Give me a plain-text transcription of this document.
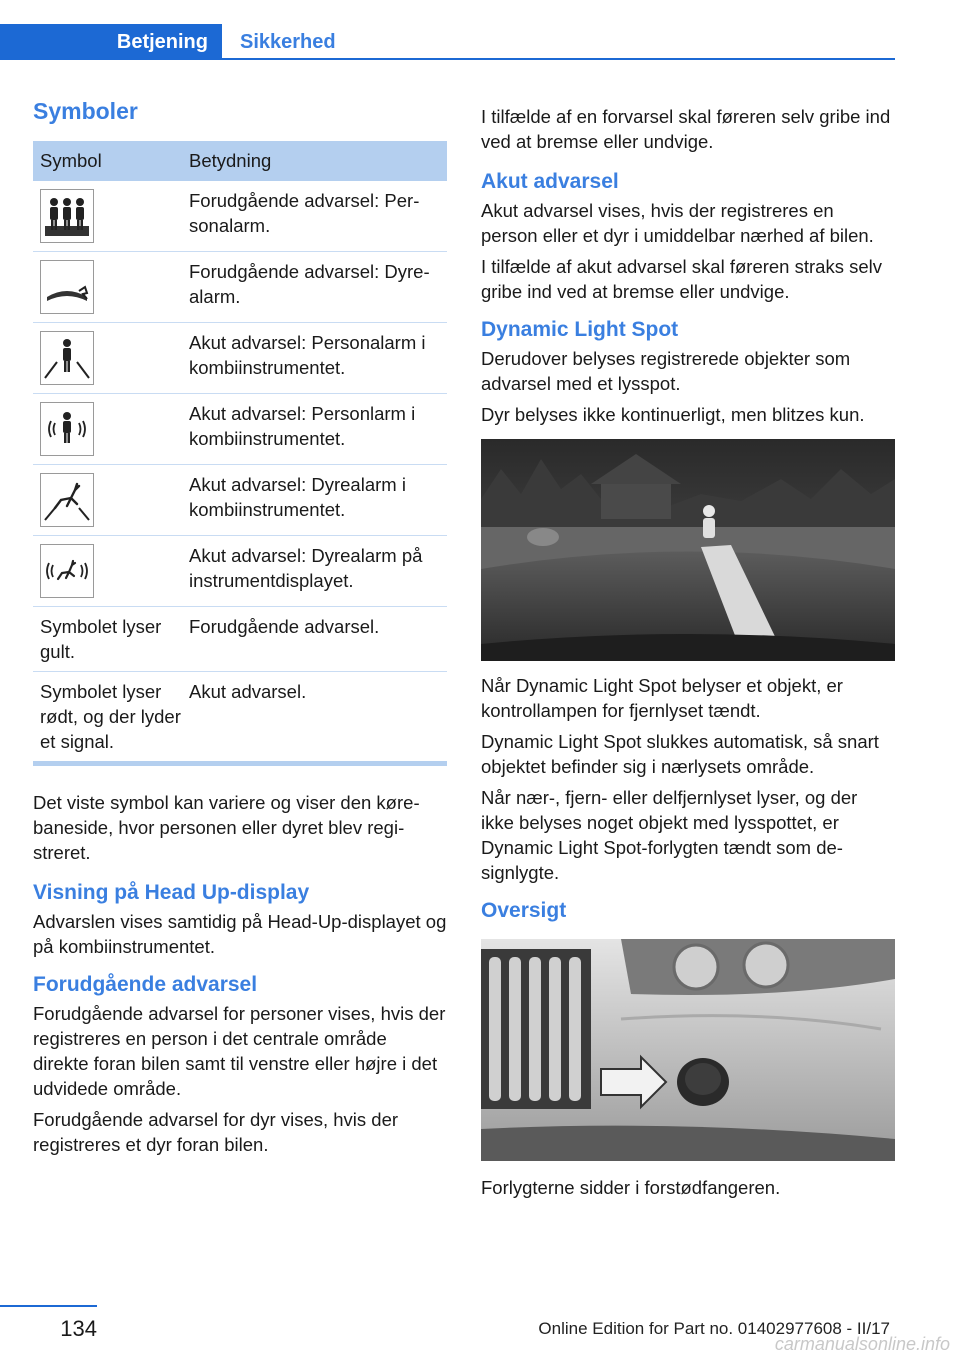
Betjening	Sikkerhed
Symboler
Symbol	Betydning

	Forudgående advarsel: Personalarm.

	Forudgående advarsel: Dyrealarm.

	Akut advarsel: Personalarm i kombiinstrumentet.

	Akut advarsel: Personlarm i kombiinstrumentet.

	Akut advarsel: Dyrealarm i kombiinstrumentet.

	Akut advarsel: Dyrealarm på instrumentdisplayet.
Symbolet lyser gult.	Forudgående advarsel.
Symbolet lyser rødt, og der lyder et signal.	Akut advarsel.

Det viste symbol kan variere og viser den kørebaneside, hvor personen eller dyret blev registreret.

Visning på Head Up-display

Advarslen vises samtidig på Head-Up-displayet og på kombiinstrumentet.

Forudgående advarsel

Forudgående advarsel for personer vises, hvis der registreres en person i det centrale område direkte foran bilen samt til venstre eller højre i det udvidede område.

Forudgående advarsel for dyr vises, hvis der registreres et dyr foran bilen.

I tilfælde af en forvarsel skal føreren selv gribe ind ved at bremse eller undvige.

Akut advarsel

Akut advarsel vises, hvis der registreres en person eller et dyr i umiddelbar nærhed af bilen.

I tilfælde af akut advarsel skal føreren straks selv gribe ind ved at bremse eller undvige.

Dynamic Light Spot

Derudover belyses registrerede objekter som advarsel med et lysspot.

Dyr belyses ikke kontinuerligt, men blitzes kun.

Når Dynamic Light Spot belyser et objekt, er kontrollampen for fjernlyset tændt.

Dynamic Light Spot slukkes automatisk, så snart objektet befinder sig i nærlysets område.

Når nær-, fjern- eller delfjernlyset lyser, og der ikke belyses noget objekt med lysspottet, er Dynamic Light Spot-forlygten tændt som designlygte.

Oversigt

Forlygterne sidder i forstødfangeren.

134	Online Edition for Part no. 01402977608 - II/17
carmanualsonline.info
